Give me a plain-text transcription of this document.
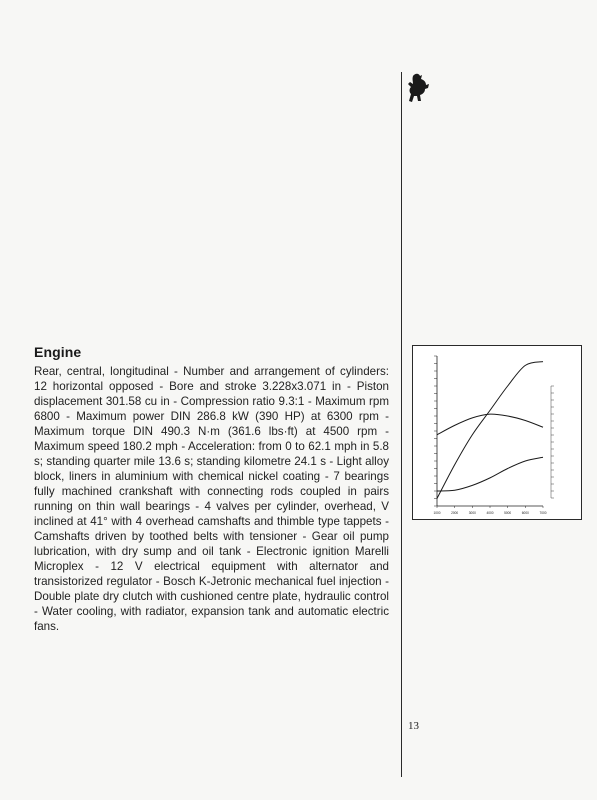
Engine
Rear, central, longitudinal - Number and arrangement of cylinders: 12 horizontal opposed - Bore and stroke 3.228x3.071 in - Piston displacement 301.58 cu in - Compression ratio 9.3:1 - Maximum rpm 6800 - Maximum power DIN 286.8 kW (390 HP) at 6300 rpm - Maximum torque DIN 490.3 N·m (361.6 lbs·ft) at 4500 rpm - Maximum speed 180.2 mph - Acceleration: from 0 to 62.1 mph in 5.8 s; standing quarter mile 13.6 s; standing kilometre 24.1 s - Light alloy block, liners in aluminium with chemical nickel coating - 7 bearings fully machined crankshaft with connecting rods coupled in pairs running on thin wall bearings - 4 valves per cylinder, overhead, V inclined at 41° with 4 overhead camshafts and thimble type tappets - Camshafts driven by toothed belts with tensioner - Gear oil pump lubrication, with dry sump and oil tank - Electronic ignition Marelli Microplex - 12 V electrical equipment with alternator and transistorized regulator - Bosch K-Jetronic mechanical fuel injection - Double plate dry clutch with cushioned centre plate, hydraulic control - Water cooling, with radiator, expansion tank and automatic electric fans.
1000	2000	3000	4000	5000	6000	7000
13
